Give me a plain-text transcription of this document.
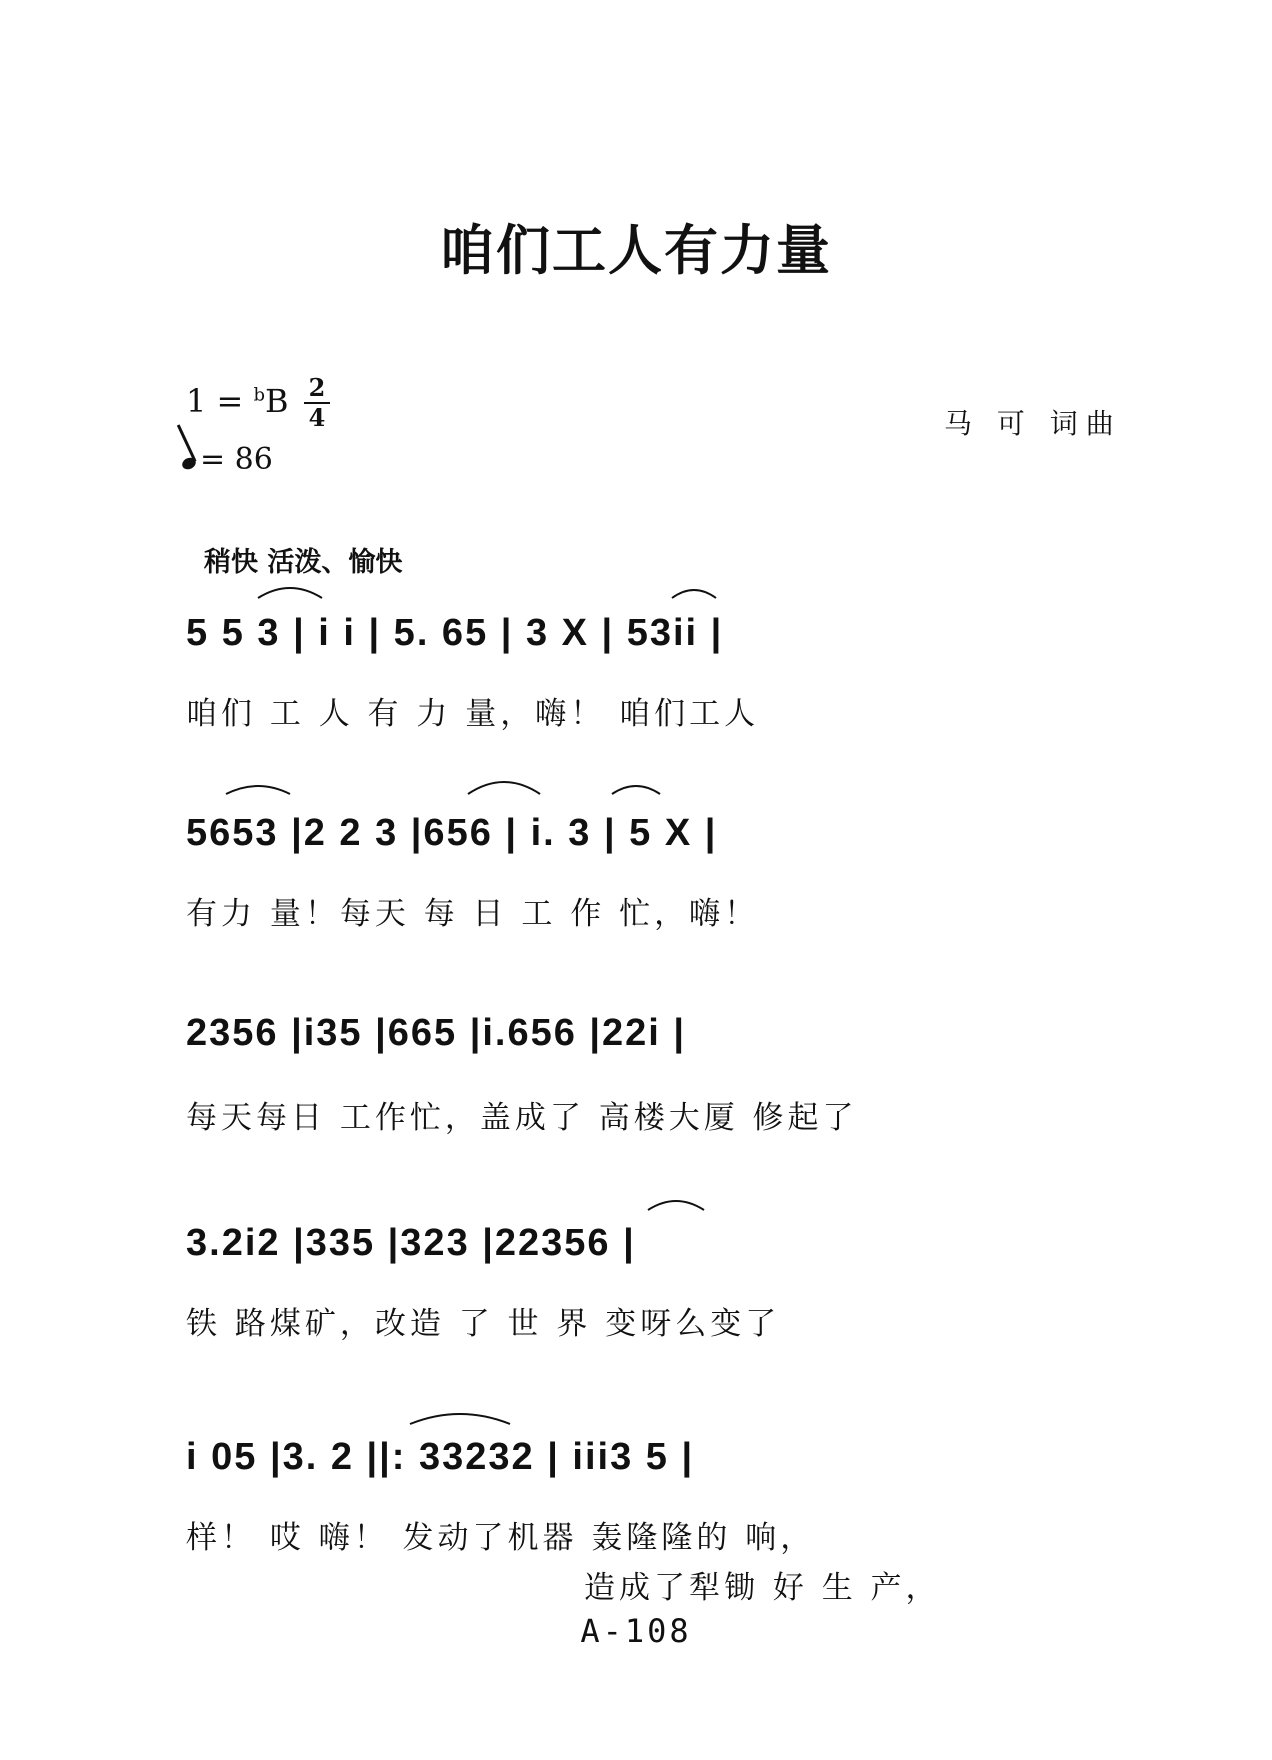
咱们工人有力量
1 = $^b$B 2
4
= 86
马 可 词曲
稍快 活泼、愉快
5 5 3 | i i | 5. 65 | 3 X | 53ii |
咱们 工 人 有 力 量，嗨！ 咱们工人
5653 |2 2 3 |656 | i. 3 | 5 X |
有力 量！每天 每 日 工 作 忙，嗨！
2356 |i35 |665 |i.656 |22i |
每天每日 工作忙，盖成了 高楼大厦 修起了
3.2i2 |335 |323 |22356 |
铁 路煤矿，改造 了 世 界 变呀么变了
i 05 |3. 2 ||: 33232 | iii3 5 |
样！ 哎 嗨！ 发动了机器 轰隆隆的 响，
造成了犁锄 好 生 产，
A-108
